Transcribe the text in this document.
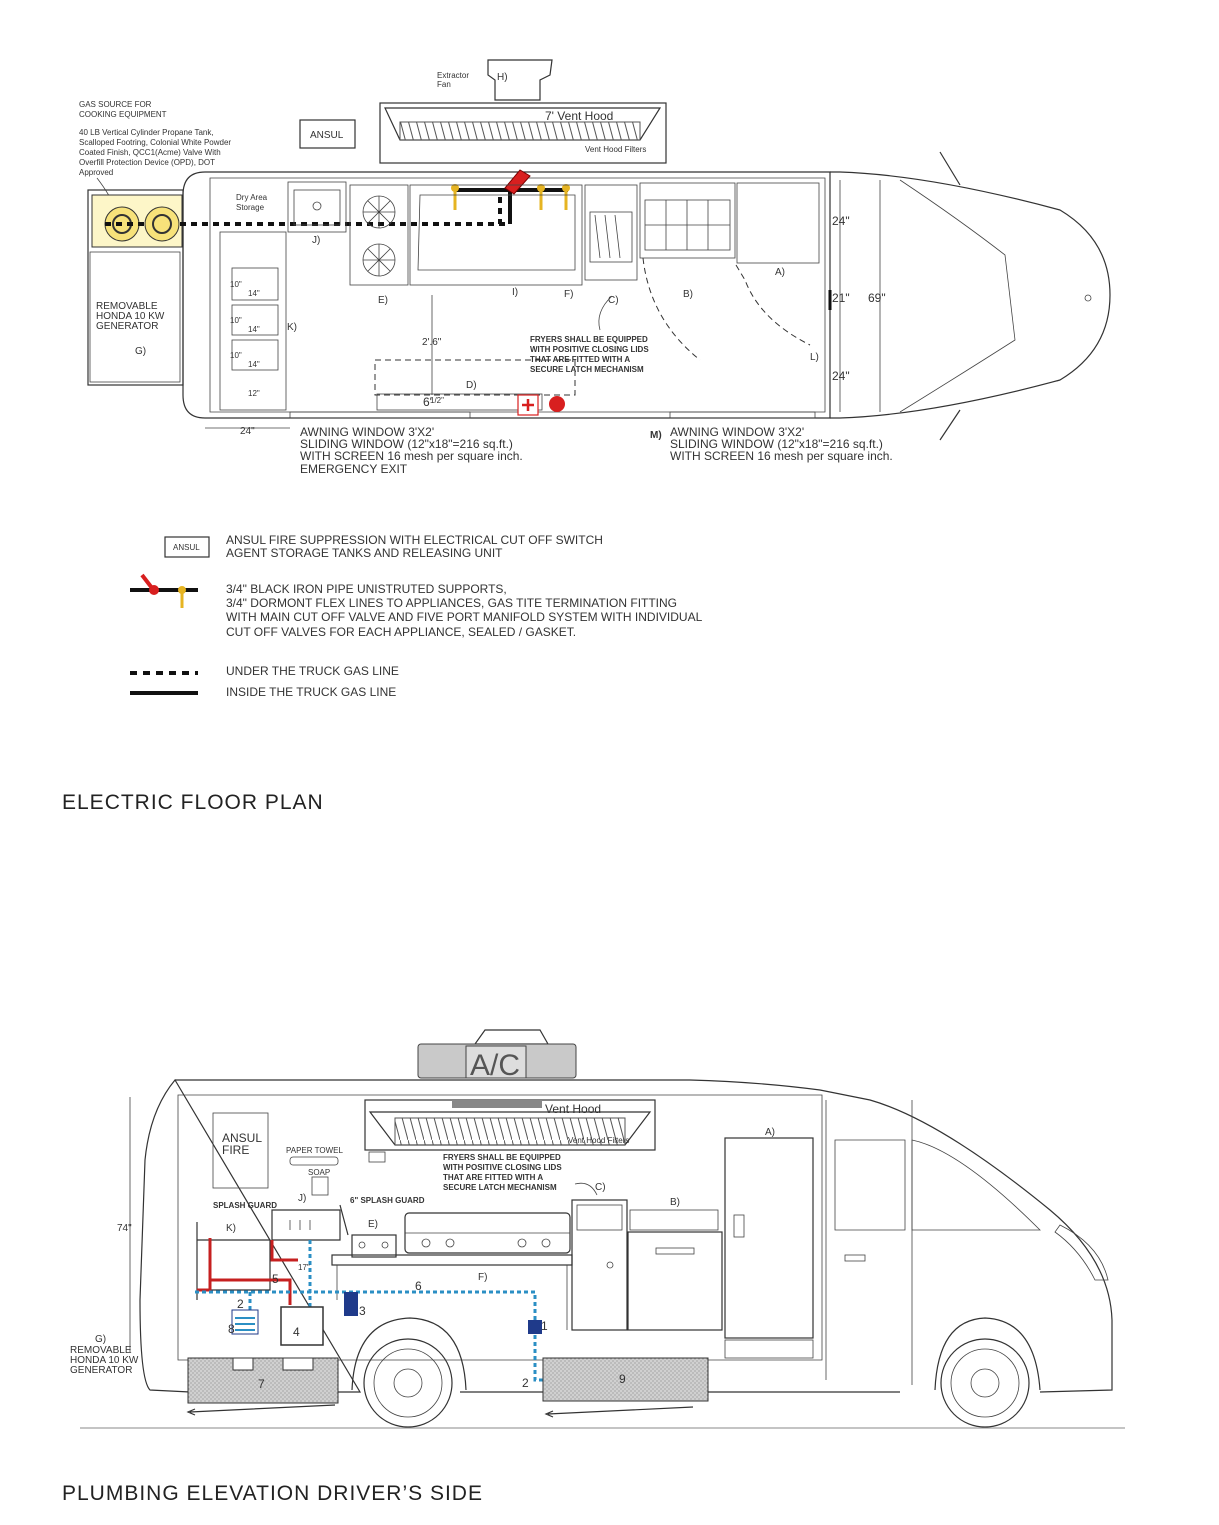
GAS SOURCE FOR
COOKING EQUIPMENT
40 LB Vertical Cylinder Propane Tank,
Scalloped Footring, Colonial White Powder
Coated Finish, QCC1(Acme) Valve With
Overfill Protection Device (OPD), DOT
Approved
ANSUL
Extractor
Fan
H)
7' Vent Hood
Vent Hood Filters
REMOVABLE
HONDA 10 KW
GENERATOR
G)
Dry Area
Storage
J)
10"
14"
10"
14"
10"
14"
12"
K)
E)
I)	F)
C)
B)
A)
L)
24"
21" 69"
24"
D)
6'
1/2"
2'.6"	FRYERS SHALL BE EQUIPPED
WITH POSITIVE CLOSING LIDS
THAT ARE FITTED WITH A
SECURE LATCH MECHANISM
24"	AWNING WINDOW 3'X2'
SLIDING WINDOW (12"x18"=216 sq.ft.)
WITH SCREEN 16 mesh per square inch.
EMERGENCY EXIT
M) AWNING WINDOW 3'X2'
SLIDING WINDOW (12"x18"=216 sq.ft.)
WITH SCREEN 16 mesh per square inch.
ANSUL
ANSUL FIRE SUPPRESSION WITH ELECTRICAL CUT OFF SWITCH
AGENT STORAGE TANKS AND RELEASING UNIT
3/4" BLACK IRON PIPE UNISTRUTED SUPPORTS,
3/4" DORMONT FLEX LINES TO APPLIANCES, GAS TITE TERMINATION FITTING
WITH MAIN CUT OFF VALVE AND FIVE PORT MANIFOLD SYSTEM WITH INDIVIDUAL
CUT OFF VALVES FOR EACH APPLIANCE, SEALED / GASKET.
UNDER THE TRUCK GAS LINE
INSIDE THE TRUCK GAS LINE
ELECTRIC FLOOR PLAN
A/C
Vent Hood
Vent Hood Filters
ANSUL
FIRE	PAPER TOWEL
SOAP
SPLASH GUARD
6" SPLASH GUARD
J)
K)	E)
F)
C)
B)
A)
FRYERS SHALL BE EQUIPPED
WITH POSITIVE CLOSING LIDS
THAT ARE FITTED WITH A
SECURE LATCH MECHANISM
1
2
2
3
4
5	6
7
8
9
17"
74"
G)
REMOVABLE
HONDA 10 KW
GENERATOR
PLUMBING ELEVATION DRIVER’S SIDE
